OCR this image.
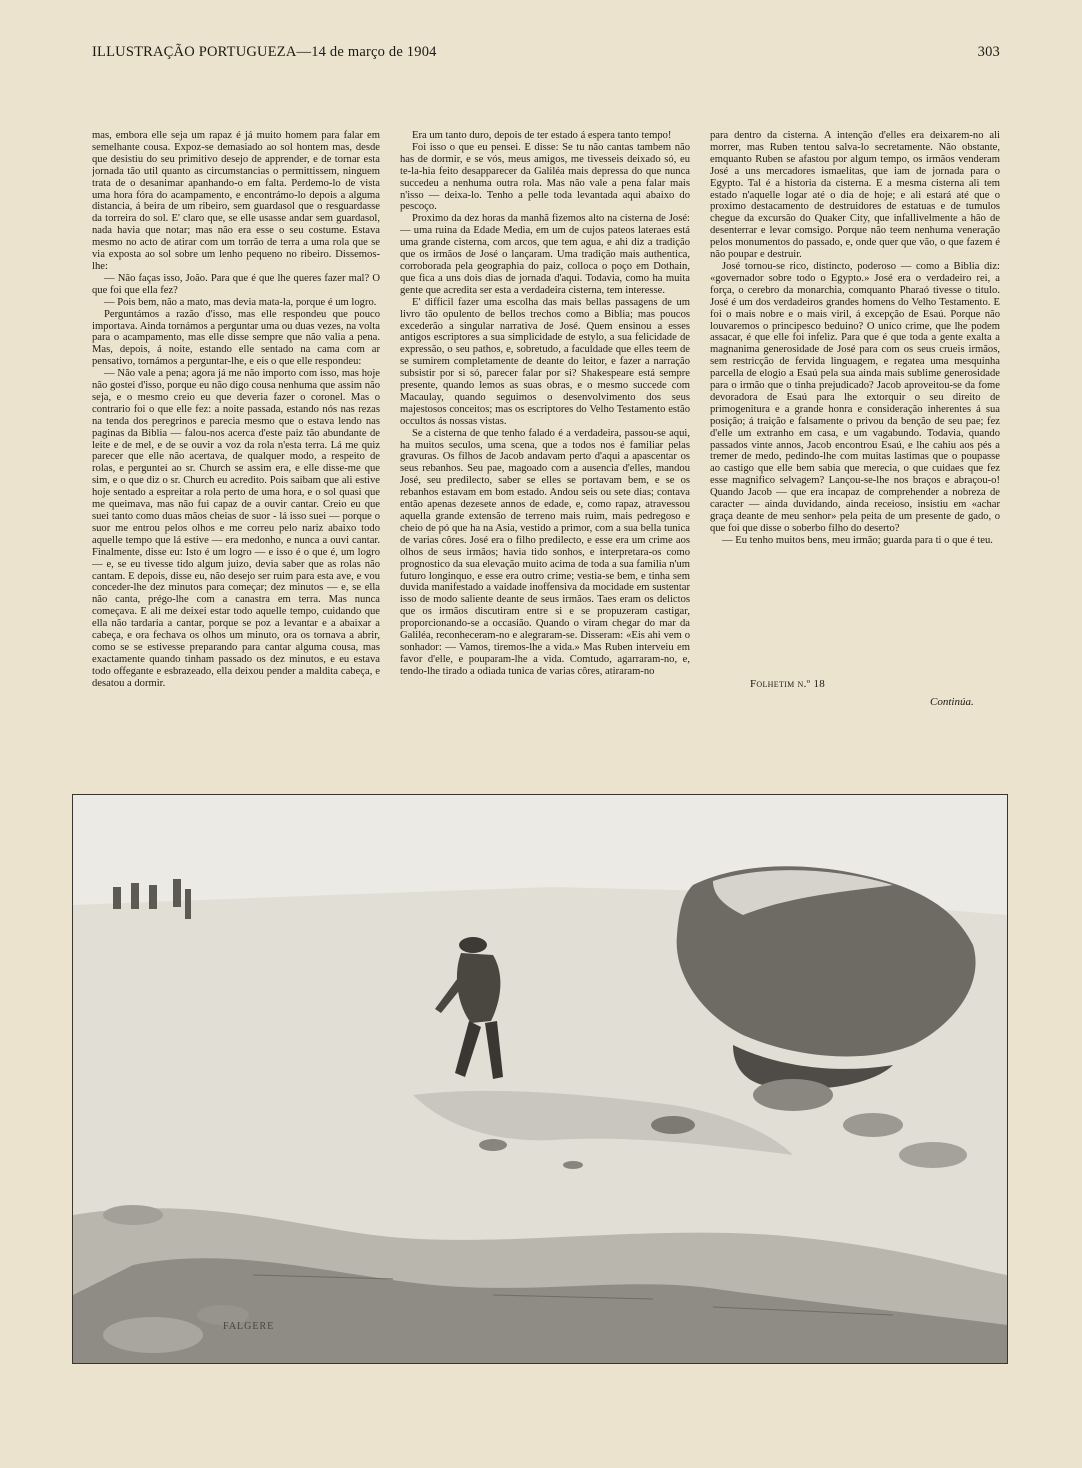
ILLUSTRAÇÃO PORTUGUEZA—14 de março de 1904	303

mas, embora elle seja um rapaz é já muito homem para falar em semelhante cousa. Expoz-se demasiado ao sol hontem mas, desde que desistiu do seu primitivo desejo de apprender, e de tornar esta jornada tão util quanto as circumstancias o permittissem, ninguem trata de o desanimar apanhando-o em falta. Perdemo-lo de vista uma hora fóra do acampamento, e encontrámo-lo depois a alguma distancia, á beira de um ribeiro, sem guardasol que o resguardasse da torreira do sol. E' claro que, se elle usasse andar sem guardasol, nada havia que notar; mas não era esse o seu costume. Estava mesmo no acto de atirar com um torrão de terra a uma rola que se via exposta ao sol sobre um lenho pequeno no ribeiro. Dissemos-lhe:

— Não faças isso, João. Para que é que lhe queres fazer mal? O que foi que ella fez?

— Pois bem, não a mato, mas devia mata-la, porque é um logro.

Perguntámos a razão d'isso, mas elle respondeu que pouco importava. Ainda tornámos a perguntar uma ou duas vezes, na volta para o acampamento, mas elle disse sempre que não valia a pena. Mas, depois, á noite, estando elle sentado na cama com ar pensativo, tornámos a perguntar-lhe, e eis o que elle respondeu:

— Não vale a pena; agora já me não importo com isso, mas hoje não gostei d'isso, porque eu não digo cousa nenhuma que assim não seja, e o mesmo creio eu que deveria fazer o coronel. Mas o contrario foi o que elle fez: a noite passada, estando nós nas rezas na tenda dos peregrinos e parecia mesmo que o estava lendo nas paginas da Biblia — falou-nos acerca d'este paiz tão abundante de leite e de mel, e de se ouvir a voz da rola n'esta terra. Lá me quiz parecer que elle não acertava, de qualquer modo, a respeito de rolas, e perguntei ao sr. Church se assim era, e elle disse-me que sim, e o que diz o sr. Church eu acredito. Pois saibam que ali estive hoje sentado a espreitar a rola perto de uma hora, e o sol quasi que me queimava, mas não fui capaz de a ouvir cantar. Creio eu que suei tanto como duas mãos cheias de suor - lá isso suei — porque o suor me entrou pelos olhos e me correu pelo nariz abaixo todo aquelle tempo que lá estive — era medonho, e nunca a ouvi cantar. Finalmente, disse eu: Isto é um logro — e isso é o que é, um logro — e, se eu tivesse tido algum juizo, devia saber que as rolas não cantam. E depois, disse eu, não desejo ser ruim para esta ave, e vou conceder-lhe dez minutos para começar; dez minutos — e, se ella não canta, prégo-lhe com a canastra em terra. Mas nunca começava. E ali me deixei estar todo aquelle tempo, cuidando que ella não tardaria a cantar, porque se poz a levantar e a abaixar a cabeça, e ora fechava os olhos um minuto, ora os tornava a abrir, como se se estivesse preparando para cantar alguma cousa, mas exactamente quando tinham passado os dez minutos, e eu estava todo offegante e esbrazeado, ella deixou pender a maldita cabeça, e desatou a dormir.

Era um tanto duro, depois de ter estado á espera tanto tempo!

Foi isso o que eu pensei. E disse: Se tu não cantas tambem não has de dormir, e se vós, meus amigos, me tivesseis deixado só, eu te-la-hia feito desapparecer da Galiléa mais depressa do que nunca succedeu a nenhuma outra rola. Mas não vale a pena falar mais n'isso — deixa-lo. Tenho a pelle toda levantada aqui abaixo do pescoço.

Proximo da dez horas da manhã fizemos alto na cisterna de José: — uma ruina da Edade Media, em um de cujos pateos lateraes está uma grande cisterna, com arcos, que tem agua, e ahi diz a tradição que os irmãos de José o lançaram. Uma tradição mais authentica, corroborada pela geographia do paiz, colloca o poço em Dothain, que fica a uns dois dias de jornada d'aqui. Todavia, como ha muita gente que acredita ser esta a verdadeira cisterna, tem interesse.

E' difficil fazer uma escolha das mais bellas passagens de um livro tão opulento de bellos trechos como a Biblia; mas poucos excederão a singular narrativa de José. Quem ensinou a esses antigos escriptores a sua simplicidade de estylo, a sua felicidade de expressão, o seu pathos, e, sobretudo, a faculdade que elles teem de se sumirem completamente de deante do leitor, e fazer a narração subsistir por si só, parecer falar por si? Shakespeare está sempre presente, quando lemos as suas obras, e o mesmo succede com Macaulay, quando seguimos o desenvolvimento dos seus majestosos conceitos; mas os escriptores do Velho Testamento estão occultos ás nossas vistas.

Se a cisterna de que tenho falado é a verdadeira, passou-se aqui, ha muitos seculos, uma scena, que a todos nos é familiar pelas gravuras. Os filhos de Jacob andavam perto d'aqui a apascentar os seus rebanhos. Seu pae, magoado com a ausencia d'elles, mandou José, seu predilecto, saber se elles se portavam bem, e se os rebanhos estavam em bom estado. Andou seis ou sete dias; contava então apenas dezesete annos de edade, e, como rapaz, atravessou aquella grande extensão de terreno mais ruim, mais pedregoso e cheio de pó que ha na Asia, vestido a primor, com a sua bella tunica de varias côres. José era o filho predilecto, e esse era um crime aos olhos de seus irmãos; havia tido sonhos, e interpretara-os como prognostico da sua elevação muito acima de toda a sua familia n'um futuro longinquo, e esse era outro crime; vestia-se bem, e tinha sem duvida manifestado a vaidade inoffensiva da mocidade em sustentar isso de modo saliente deante de seus irmãos. Taes eram os delictos que os irmãos discutiram entre si e se propuzeram castigar, proporcionando-se a occasião. Quando o viram chegar do mar da Galiléa, reconheceram-no e alegraram-se. Disseram: «Eis ahi vem o sonhador: — Vamos, tiremos-lhe a vida.» Mas Ruben interveiu em favor d'elle, e pouparam-lhe a vida. Comtudo, agarraram-no, e, tendo-lhe tirado a odiada tunica de varias côres, atiraram-no

para dentro da cisterna. A intenção d'elles era deixarem-no ali morrer, mas Ruben tentou salva-lo secretamente. Não obstante, emquanto Ruben se afastou por algum tempo, os irmãos venderam José a uns mercadores ismaelitas, que iam de jornada para o Egypto. Tal é a historia da cisterna. E a mesma cisterna ali tem estado n'aquelle logar até o dia de hoje; e ali estará até que o proximo destacamento de destruidores de estatuas e de tumulos chegue da excursão do Quaker City, que infallivelmente a hão de desenterrar e levar comsigo. Porque não teem nenhuma veneração pelos monumentos do passado, e, onde quer que vão, o que fazem é não poupar e destruir.

José tornou-se rico, distincto, poderoso — como a Biblia diz: «governador sobre todo o Egypto.» José era o verdadeiro rei, a força, o cerebro da monarchia, comquanto Pharaó tivesse o titulo. José é um dos verdadeiros grandes homens do Velho Testamento. E foi o mais nobre e o mais viril, á excepção de Esaú. Porque não louvaremos o principesco beduino? O unico crime, que lhe podem assacar, é que elle foi infeliz. Para que é que toda a gente exalta a magnanima generosidade de José para com os seus crueis irmãos, sem restricção de fervida linguagem, e regatea uma mesquinha parcella de elogio a Esaú pela sua ainda mais sublime generosidade para o irmão que o tinha prejudicado? Jacob aproveitou-se da fome devoradora de Esaú para lhe extorquir o seu direito de primogenitura e a grande honra e consideração inherentes á sua posição; á traição e falsamente o privou da benção de seu pae; fez d'elle um extranho em casa, e um vagabundo. Todavia, quando passados vinte annos, Jacob encontrou Esaú, e lhe cahiu aos pés a tremer de medo, pedindo-lhe com muitas lastimas que o poupasse ao castigo que elle bem sabia que merecia, o que cuidaes que fez esse magnifico selvagem? Lançou-se-lhe nos braços e abraçou-o! Quando Jacob — que era incapaz de comprehender a nobreza de caracter — ainda duvidando, ainda receioso, insistiu em «achar graça deante de meu senhor» pela peita de um presente de gado, o que foi que disse o soberbo filho do deserto?

— Eu tenho muitos bens, meu irmão; guarda para ti o que é teu.

Folhetim n.º 18
Continúa.
FALGERE
